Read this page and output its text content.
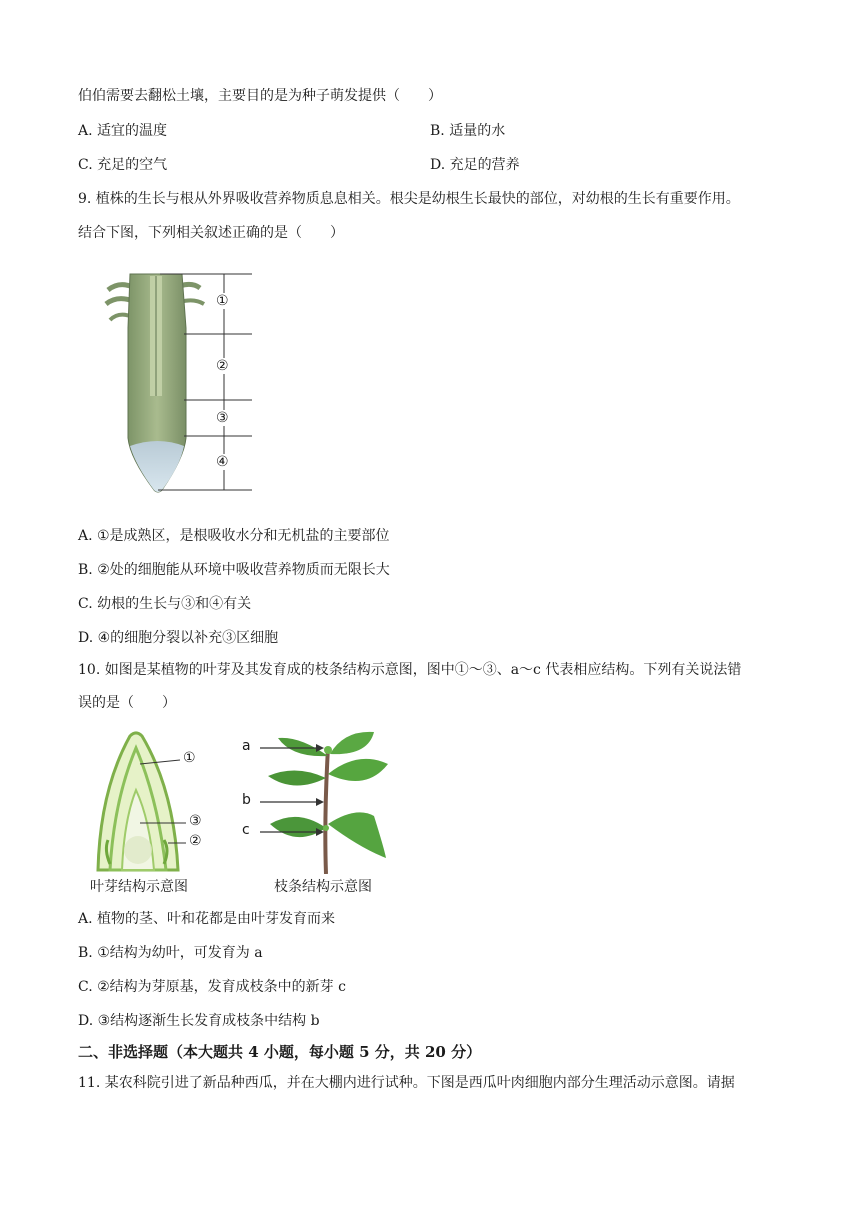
伯伯需要去翻松土壤，主要目的是为种子萌发提供（　　）
A. 适宜的温度	B. 适量的水
C. 充足的空气	D. 充足的营养
9. 植株的生长与根从外界吸收营养物质息息相关。根尖是幼根生长最快的部位，对幼根的生长有重要作用。
结合下图，下列相关叙述正确的是（　　）
①
②
③
④
A. ①是成熟区，是根吸收水分和无机盐的主要部位
B. ②处的细胞能从环境中吸收营养物质而无限长大
C. 幼根的生长与③和④有关
D. ④的细胞分裂以补充③区细胞
10. 如图是某植物的叶芽及其发育成的枝条结构示意图，图中①～③、a～c 代表相应结构。下列有关说法错
误的是（　　）
①
③
②
叶芽结构示意图
a
b
c
枝条结构示意图
A. 植物的茎、叶和花都是由叶芽发育而来
B. ①结构为幼叶，可发育为 a
C. ②结构为芽原基，发育成枝条中的新芽 c
D. ③结构逐渐生长发育成枝条中结构 b
二、非选择题（本大题共 4 小题，每小题 5 分，共 20 分）
11. 某农科院引进了新品种西瓜，并在大棚内进行试种。下图是西瓜叶肉细胞内部分生理活动示意图。请据
